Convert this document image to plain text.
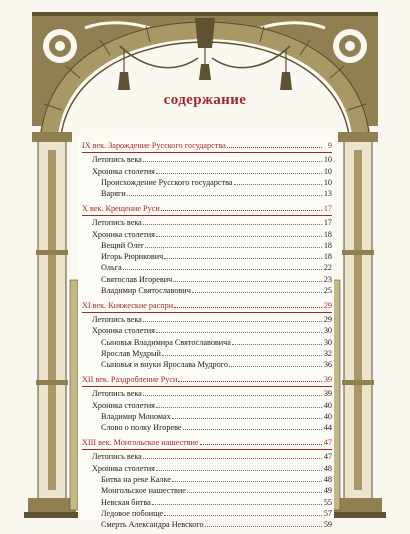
содержание
IX век. Зарождение Русского государства	9
Летопись века	10
Хроника столетия	10
Происхождение Русского государства	10
Варяги	13
X век. Крещение Руси	17
Летопись века	17
Хроника столетия	18
Вещий Олег	18
Игорь Рюрикович	18
Ольга	22
Святослав Игоревич	23
Владимир Святославович	25
XI век. Княжеские распри	29
Летопись века	29
Хроника столетия	30
Сыновья Владимира Святославовича	30
Ярослав Мудрый	32
Сыновья и внуки Ярослава Мудрого	36
XII век. Раздробление Руси	39
Летопись века	39
Хроника столетия	40
Владимир Мономах	40
Слово о полку Игореве	44
XIII век. Монгольское нашествие	47
Летопись века	47
Хроника столетия	48
Битва на реке Калке	48
Монгольское нашествие	49
Невская битва	55
Ледовое побоище	57
Смерть Александра Невского	59
